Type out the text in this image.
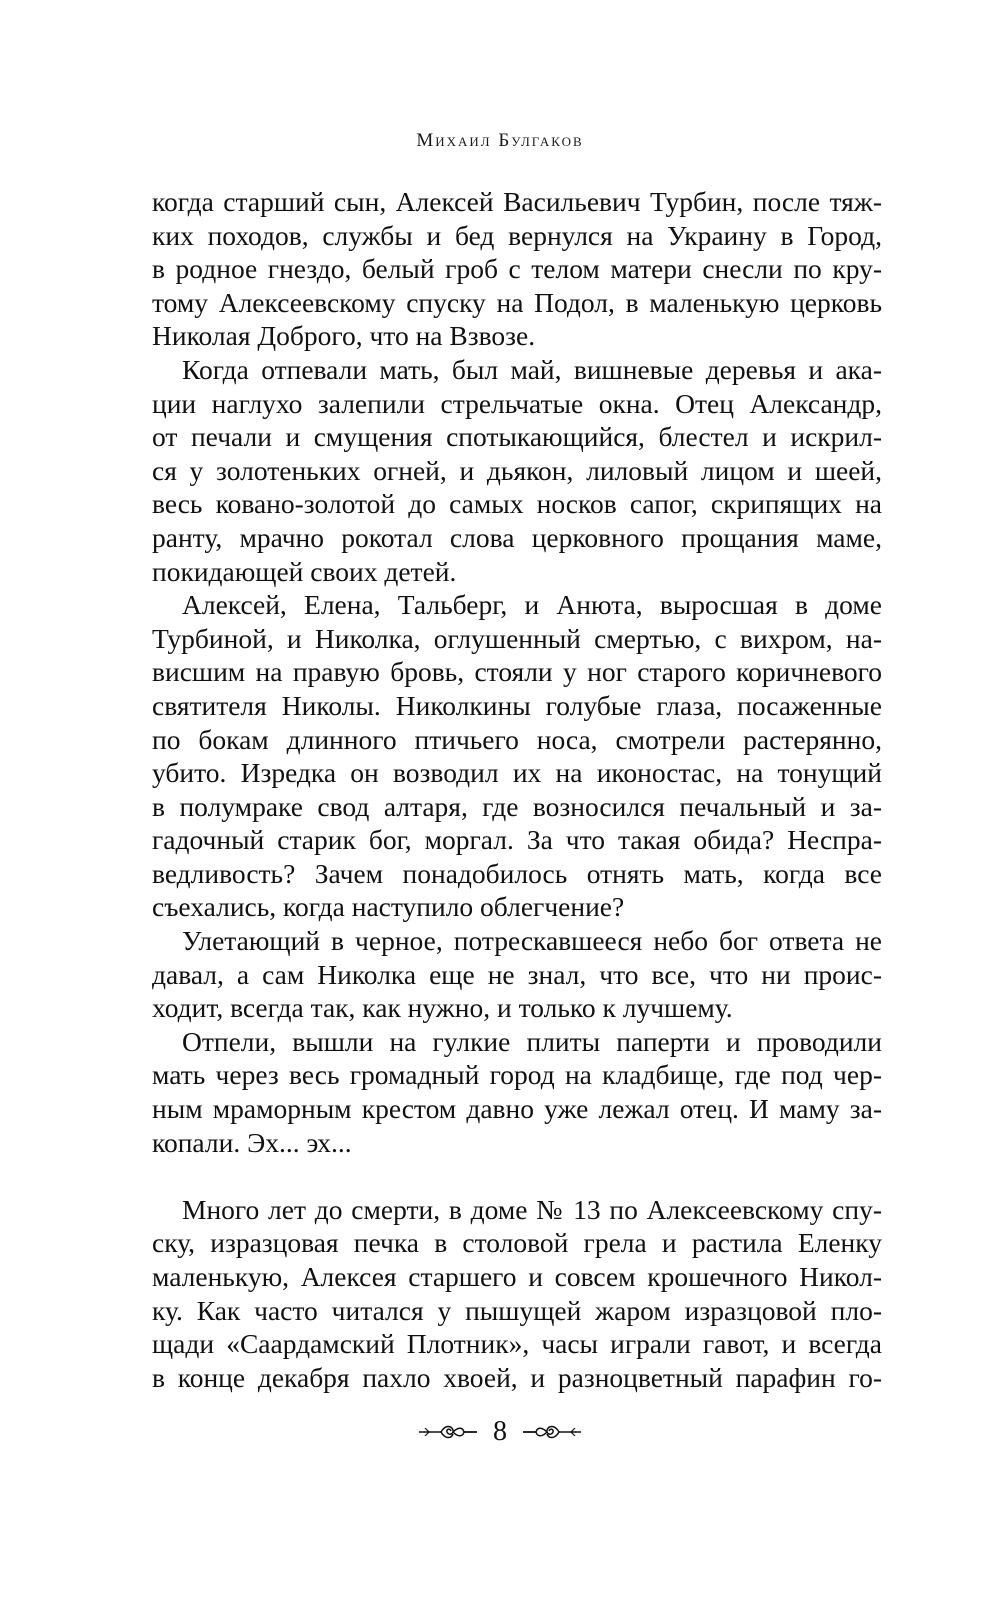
Михаил Булгаков
когда старший сын, Алексей Васильевич Турбин, после тяж-
ких походов, службы и бед вернулся на Украину в Город,
в родное гнездо, белый гроб с телом матери снесли по кру-
тому Алексеевскому спуску на Подол, в маленькую церковь
Николая Доброго, что на Взвозе.
Когда отпевали мать, был май, вишневые деревья и ака-
ции наглухо залепили стрельчатые окна. Отец Александр,
от печали и смущения спотыкающийся, блестел и искрил-
ся у золотеньких огней, и дьякон, лиловый лицом и шеей,
весь ковано-золотой до самых носков сапог, скрипящих на
ранту, мрачно рокотал слова церковного прощания маме,
покидающей своих детей.
Алексей, Елена, Тальберг, и Анюта, выросшая в доме
Турбиной, и Николка, оглушенный смертью, с вихром, на-
висшим на правую бровь, стояли у ног старого коричневого
святителя Николы. Николкины голубые глаза, посаженные
по бокам длинного птичьего носа, смотрели растерянно,
убито. Изредка он возводил их на иконостас, на тонущий
в полумраке свод алтаря, где возносился печальный и за-
гадочный старик бог, моргал. За что такая обида? Неспра-
ведливость? Зачем понадобилось отнять мать, когда все
съехались, когда наступило облегчение?
Улетающий в черное, потрескавшееся небо бог ответа не
давал, а сам Николка еще не знал, что все, что ни проис-
ходит, всегда так, как нужно, и только к лучшему.
Отпели, вышли на гулкие плиты паперти и проводили
мать через весь громадный город на кладбище, где под чер-
ным мраморным крестом давно уже лежал отец. И маму за-
копали. Эх... эх...
Много лет до смерти, в доме № 13 по Алексеевскому спу-
ску, изразцовая печка в столовой грела и растила Еленку
маленькую, Алексея старшего и совсем крошечного Никол-
ку. Как часто читался у пышущей жаром изразцовой пло-
щади «Саардамский Плотник», часы играли гавот, и всегда
в конце декабря пахло хвоей, и разноцветный парафин го-
8
